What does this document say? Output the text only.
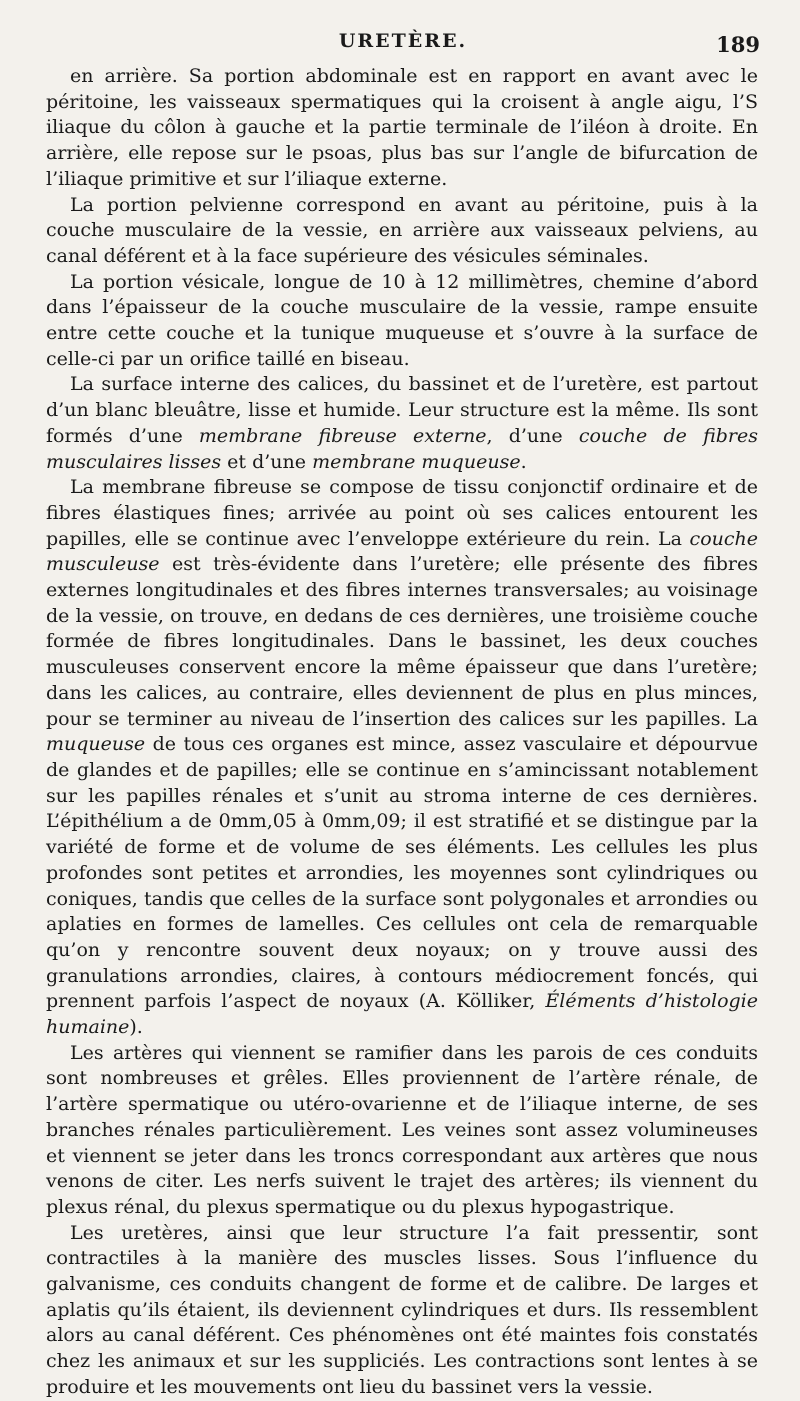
URETÈRE.	189

en arrière. Sa portion abdominale est en rapport en avant avec le péritoine, les vaisseaux spermatiques qui la croisent à angle aigu, l’S iliaque du côlon à gauche et la partie terminale de l’iléon à droite. En arrière, elle repose sur le psoas, plus bas sur l’angle de bifurcation de l’iliaque primitive et sur l’iliaque externe.

La portion pelvienne correspond en avant au péritoine, puis à la couche musculaire de la vessie, en arrière aux vaisseaux pelviens, au canal déférent et à la face supérieure des vésicules séminales.

La portion vésicale, longue de 10 à 12 millimètres, chemine d’abord dans l’épaisseur de la couche musculaire de la vessie, rampe ensuite entre cette couche et la tunique muqueuse et s’ouvre à la surface de celle-ci par un orifice taillé en biseau.

La surface interne des calices, du bassinet et de l’uretère, est partout d’un blanc bleuâtre, lisse et humide. Leur structure est la même. Ils sont formés d’une membrane fibreuse externe, d’une couche de fibres musculaires lisses et d’une membrane muqueuse.

La membrane fibreuse se compose de tissu conjonctif ordinaire et de fibres élastiques fines; arrivée au point où ses calices entourent les papilles, elle se continue avec l’enveloppe extérieure du rein. La couche musculeuse est très-évidente dans l’uretère; elle présente des fibres externes longitudinales et des fibres internes transversales; au voisinage de la vessie, on trouve, en dedans de ces dernières, une troisième couche formée de fibres longitudinales. Dans le bassinet, les deux couches musculeuses conservent encore la même épaisseur que dans l’uretère; dans les calices, au contraire, elles deviennent de plus en plus minces, pour se terminer au niveau de l’insertion des calices sur les papilles. La muqueuse de tous ces organes est mince, assez vasculaire et dépourvue de glandes et de papilles; elle se continue en s’amincissant notablement sur les papilles rénales et s’unit au stroma interne de ces dernières. L’épithélium a de 0mm,05 à 0mm,09; il est stratifié et se distingue par la variété de forme et de volume de ses éléments. Les cellules les plus profondes sont petites et arrondies, les moyennes sont cylindriques ou coniques, tandis que celles de la surface sont polygonales et arrondies ou aplaties en formes de lamelles. Ces cellules ont cela de remarquable qu’on y rencontre souvent deux noyaux; on y trouve aussi des granulations arrondies, claires, à contours médiocrement foncés, qui prennent parfois l’aspect de noyaux (A. Kölliker, Éléments d’histologie humaine).

Les artères qui viennent se ramifier dans les parois de ces conduits sont nombreuses et grêles. Elles proviennent de l’artère rénale, de l’artère spermatique ou utéro-ovarienne et de l’iliaque interne, de ses branches rénales particulièrement. Les veines sont assez volumineuses et viennent se jeter dans les troncs correspondant aux artères que nous venons de citer. Les nerfs suivent le trajet des artères; ils viennent du plexus rénal, du plexus spermatique ou du plexus hypogastrique.

Les uretères, ainsi que leur structure l’a fait pressentir, sont contractiles à la manière des muscles lisses. Sous l’influence du galvanisme, ces conduits changent de forme et de calibre. De larges et aplatis qu’ils étaient, ils deviennent cylindriques et durs. Ils ressemblent alors au canal déférent. Ces phénomènes ont été maintes fois constatés chez les animaux et sur les suppliciés. Les contractions sont lentes à se produire et les mouvements ont lieu du bassinet vers la vessie.
